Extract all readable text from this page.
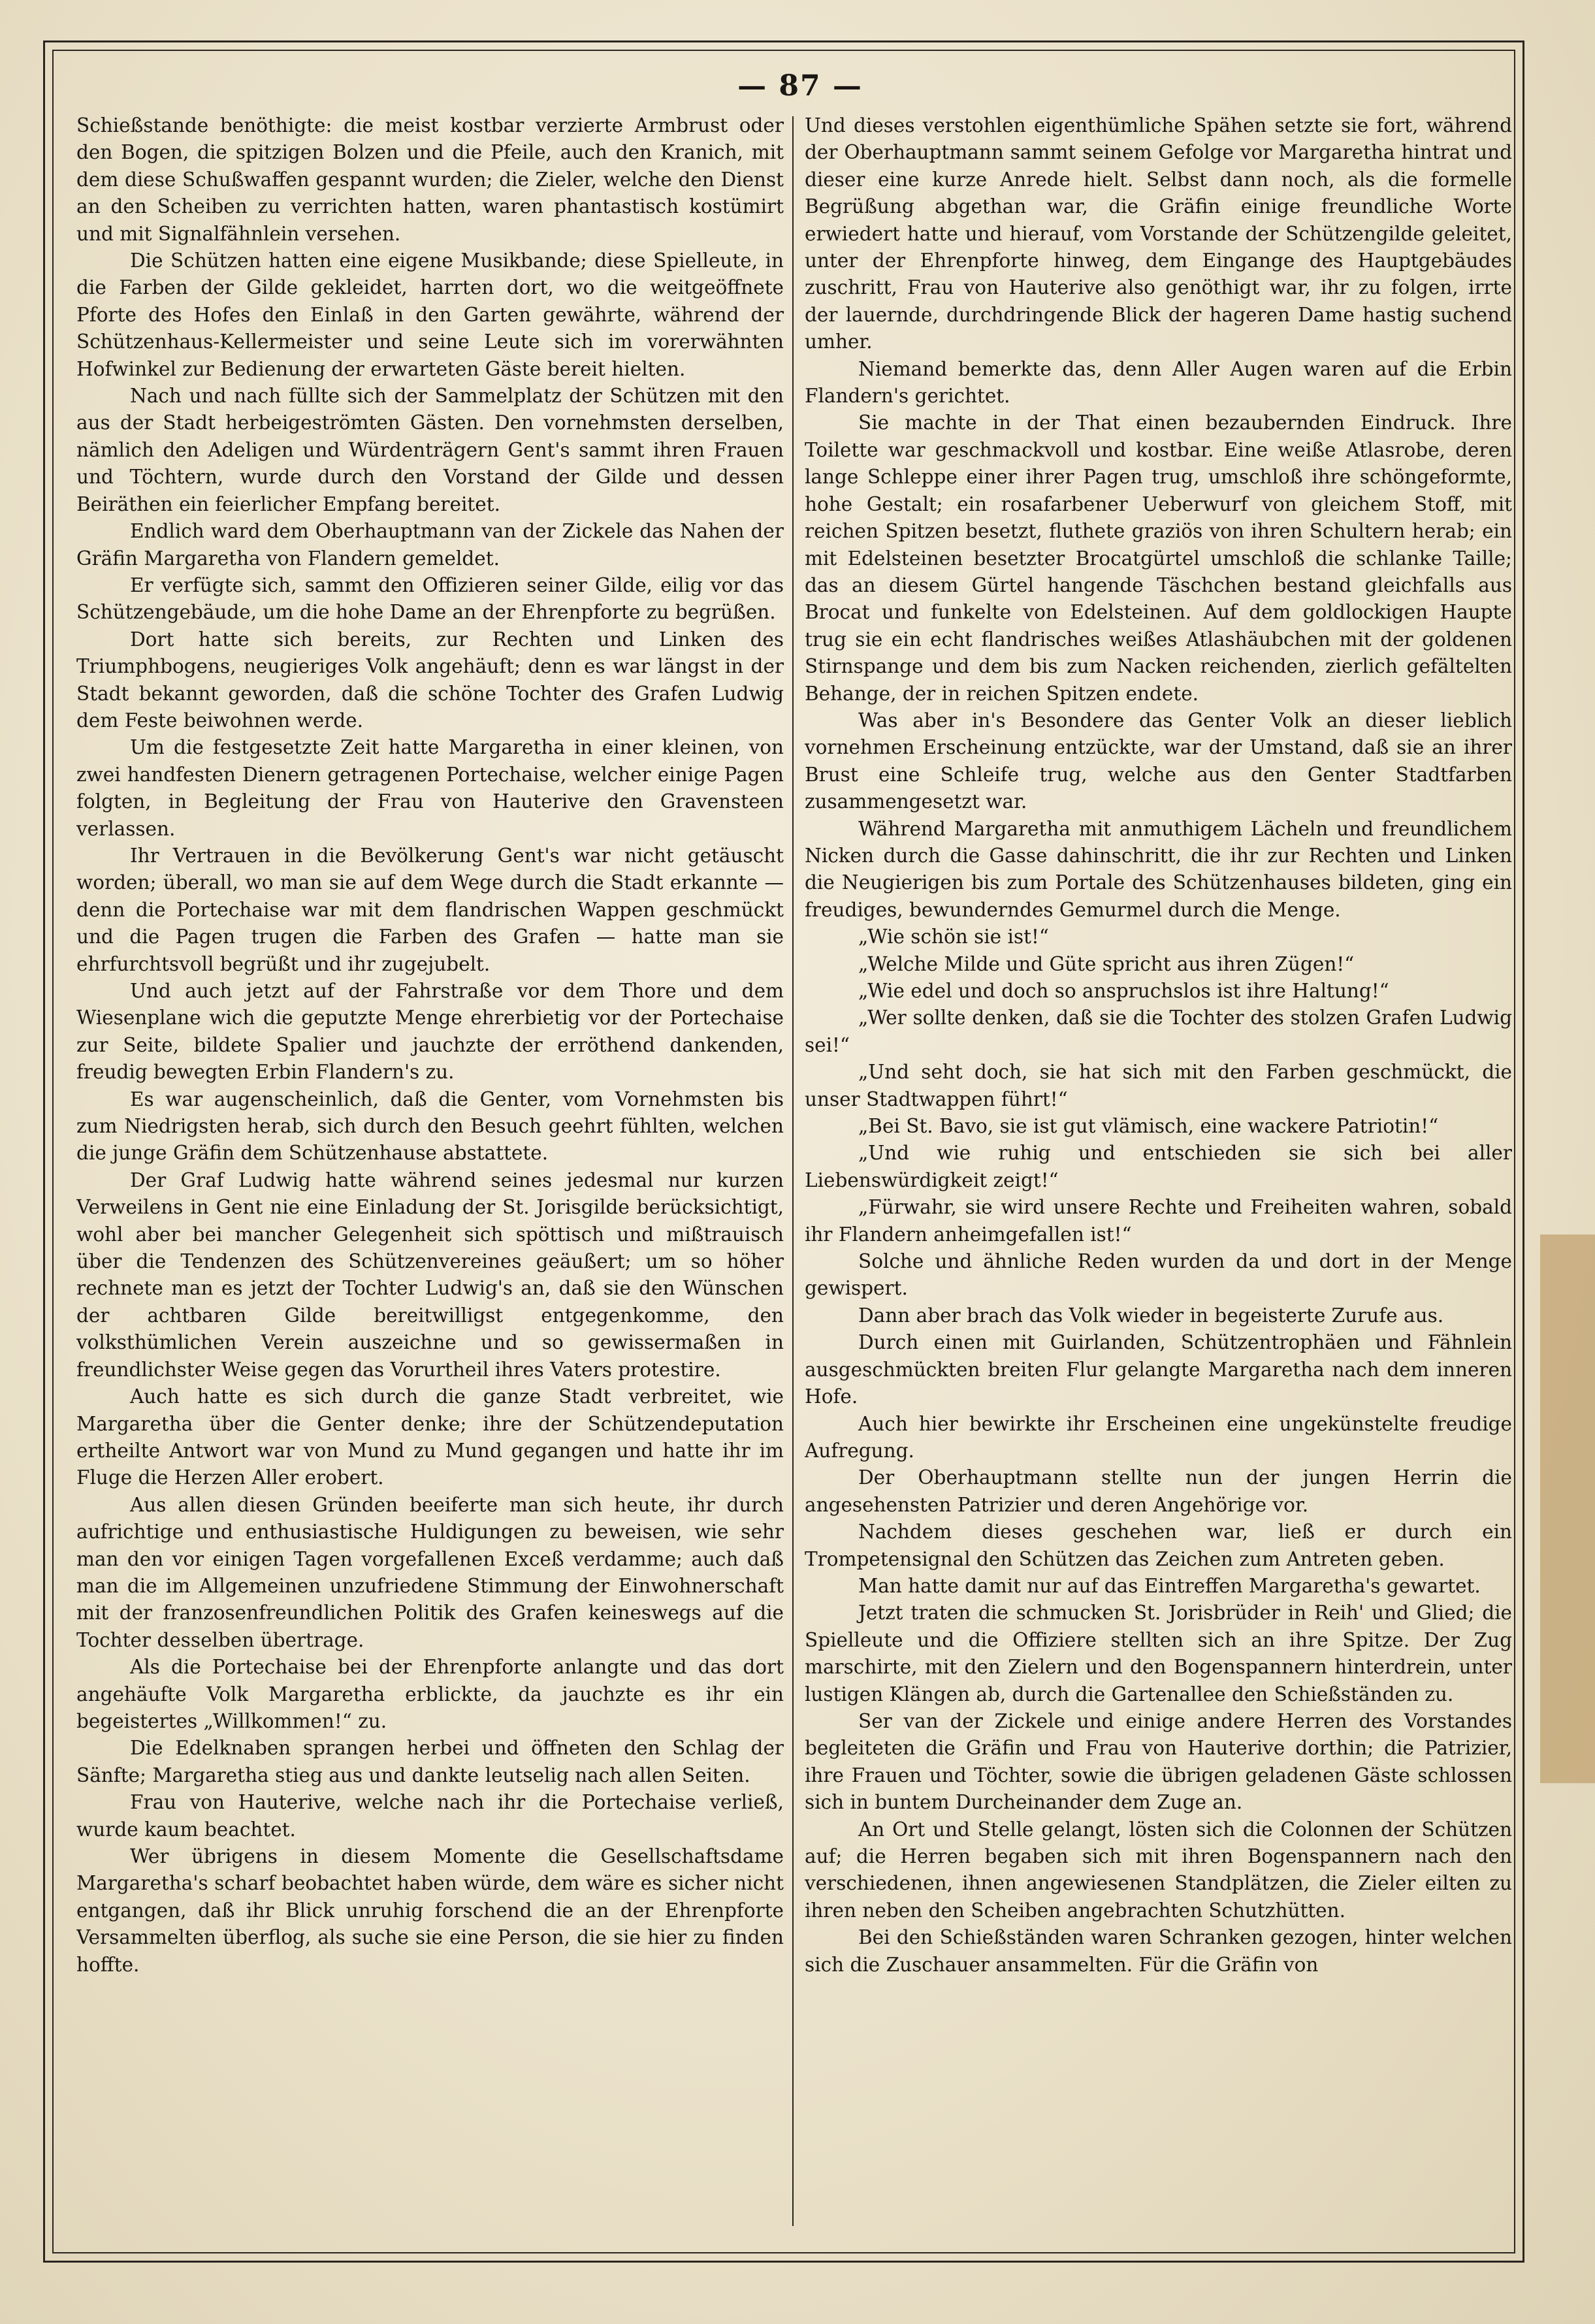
— 87 —

Schießstande benöthigte: die meist kostbar verzierte Armbrust oder den Bogen, die spitzigen Bolzen und die Pfeile, auch den Kranich, mit dem diese Schußwaffen gespannt wurden; die Zieler, welche den Dienst an den Scheiben zu verrichten hatten, waren phantastisch kostümirt und mit Signalfähnlein versehen.

Die Schützen hatten eine eigene Musikbande; diese Spielleute, in die Farben der Gilde gekleidet, harrten dort, wo die weitgeöffnete Pforte des Hofes den Einlaß in den Garten gewährte, während der Schützenhaus-Kellermeister und seine Leute sich im vorerwähnten Hofwinkel zur Bedienung der erwarteten Gäste bereit hielten.

Nach und nach füllte sich der Sammelplatz der Schützen mit den aus der Stadt herbeigeströmten Gästen. Den vornehmsten derselben, nämlich den Adeligen und Würdenträgern Gent's sammt ihren Frauen und Töchtern, wurde durch den Vorstand der Gilde und dessen Beiräthen ein feierlicher Empfang bereitet.

Endlich ward dem Oberhauptmann van der Zickele das Nahen der Gräfin Margaretha von Flandern gemeldet.

Er verfügte sich, sammt den Offizieren seiner Gilde, eilig vor das Schützengebäude, um die hohe Dame an der Ehrenpforte zu begrüßen.

Dort hatte sich bereits, zur Rechten und Linken des Triumphbogens, neugieriges Volk angehäuft; denn es war längst in der Stadt bekannt geworden, daß die schöne Tochter des Grafen Ludwig dem Feste beiwohnen werde.

Um die festgesetzte Zeit hatte Margaretha in einer kleinen, von zwei handfesten Dienern getragenen Portechaise, welcher einige Pagen folgten, in Begleitung der Frau von Hauterive den Gravensteen verlassen.

Ihr Vertrauen in die Bevölkerung Gent's war nicht getäuscht worden; überall, wo man sie auf dem Wege durch die Stadt erkannte — denn die Portechaise war mit dem flandrischen Wappen geschmückt und die Pagen trugen die Farben des Grafen — hatte man sie ehrfurchtsvoll begrüßt und ihr zugejubelt.

Und auch jetzt auf der Fahrstraße vor dem Thore und dem Wiesenplane wich die geputzte Menge ehrerbietig vor der Portechaise zur Seite, bildete Spalier und jauchzte der erröthend dankenden, freudig bewegten Erbin Flandern's zu.

Es war augenscheinlich, daß die Genter, vom Vornehmsten bis zum Niedrigsten herab, sich durch den Besuch geehrt fühlten, welchen die junge Gräfin dem Schützenhause abstattete.

Der Graf Ludwig hatte während seines jedesmal nur kurzen Verweilens in Gent nie eine Einladung der St. Jorisgilde berücksichtigt, wohl aber bei mancher Gelegenheit sich spöttisch und mißtrauisch über die Tendenzen des Schützenvereines geäußert; um so höher rechnete man es jetzt der Tochter Ludwig's an, daß sie den Wünschen der achtbaren Gilde bereitwilligst entgegenkomme, den volksthümlichen Verein auszeichne und so gewissermaßen in freundlichster Weise gegen das Vorurtheil ihres Vaters protestire.

Auch hatte es sich durch die ganze Stadt verbreitet, wie Margaretha über die Genter denke; ihre der Schützendeputation ertheilte Antwort war von Mund zu Mund gegangen und hatte ihr im Fluge die Herzen Aller erobert.

Aus allen diesen Gründen beeiferte man sich heute, ihr durch aufrichtige und enthusiastische Huldigungen zu beweisen, wie sehr man den vor einigen Tagen vorgefallenen Exceß verdamme; auch daß man die im Allgemeinen unzufriedene Stimmung der Einwohnerschaft mit der franzosenfreundlichen Politik des Grafen keineswegs auf die Tochter desselben übertrage.

Als die Portechaise bei der Ehrenpforte anlangte und das dort angehäufte Volk Margaretha erblickte, da jauchzte es ihr ein begeistertes „Willkommen!“ zu.

Die Edelknaben sprangen herbei und öffneten den Schlag der Sänfte; Margaretha stieg aus und dankte leutselig nach allen Seiten.

Frau von Hauterive, welche nach ihr die Portechaise verließ, wurde kaum beachtet.

Wer übrigens in diesem Momente die Gesellschaftsdame Margaretha's scharf beobachtet haben würde, dem wäre es sicher nicht entgangen, daß ihr Blick unruhig forschend die an der Ehrenpforte Versammelten überflog, als suche sie eine Person, die sie hier zu finden hoffte.

Und dieses verstohlen eigenthümliche Spähen setzte sie fort, während der Oberhauptmann sammt seinem Gefolge vor Margaretha hintrat und dieser eine kurze Anrede hielt. Selbst dann noch, als die formelle Begrüßung abgethan war, die Gräfin einige freundliche Worte erwiedert hatte und hierauf, vom Vorstande der Schützengilde geleitet, unter der Ehrenpforte hinweg, dem Eingange des Hauptgebäudes zuschritt, Frau von Hauterive also genöthigt war, ihr zu folgen, irrte der lauernde, durchdringende Blick der hageren Dame hastig suchend umher.

Niemand bemerkte das, denn Aller Augen waren auf die Erbin Flandern's gerichtet.

Sie machte in der That einen bezaubernden Eindruck. Ihre Toilette war geschmackvoll und kostbar. Eine weiße Atlasrobe, deren lange Schleppe einer ihrer Pagen trug, umschloß ihre schöngeformte, hohe Gestalt; ein rosafarbener Ueberwurf von gleichem Stoff, mit reichen Spitzen besetzt, fluthete graziös von ihren Schultern herab; ein mit Edelsteinen besetzter Brocatgürtel umschloß die schlanke Taille; das an diesem Gürtel hangende Täschchen bestand gleichfalls aus Brocat und funkelte von Edelsteinen. Auf dem goldlockigen Haupte trug sie ein echt flandrisches weißes Atlashäubchen mit der goldenen Stirnspange und dem bis zum Nacken reichenden, zierlich gefältelten Behange, der in reichen Spitzen endete.

Was aber in's Besondere das Genter Volk an dieser lieblich vornehmen Erscheinung entzückte, war der Umstand, daß sie an ihrer Brust eine Schleife trug, welche aus den Genter Stadtfarben zusammengesetzt war.

Während Margaretha mit anmuthigem Lächeln und freundlichem Nicken durch die Gasse dahinschritt, die ihr zur Rechten und Linken die Neugierigen bis zum Portale des Schützenhauses bildeten, ging ein freudiges, bewunderndes Gemurmel durch die Menge.

„Wie schön sie ist!“

„Welche Milde und Güte spricht aus ihren Zügen!“

„Wie edel und doch so anspruchslos ist ihre Haltung!“

„Wer sollte denken, daß sie die Tochter des stolzen Grafen Ludwig sei!“

„Und seht doch, sie hat sich mit den Farben geschmückt, die unser Stadtwappen führt!“

„Bei St. Bavo, sie ist gut vlämisch, eine wackere Patriotin!“

„Und wie ruhig und entschieden sie sich bei aller Liebenswürdigkeit zeigt!“

„Fürwahr, sie wird unsere Rechte und Freiheiten wahren, sobald ihr Flandern anheimgefallen ist!“

Solche und ähnliche Reden wurden da und dort in der Menge gewispert.

Dann aber brach das Volk wieder in begeisterte Zurufe aus.

Durch einen mit Guirlanden, Schützentrophäen und Fähnlein ausgeschmückten breiten Flur gelangte Margaretha nach dem inneren Hofe.

Auch hier bewirkte ihr Erscheinen eine ungekünstelte freudige Aufregung.

Der Oberhauptmann stellte nun der jungen Herrin die angesehensten Patrizier und deren Angehörige vor.

Nachdem dieses geschehen war, ließ er durch ein Trompetensignal den Schützen das Zeichen zum Antreten geben.

Man hatte damit nur auf das Eintreffen Margaretha's gewartet.

Jetzt traten die schmucken St. Jorisbrüder in Reih' und Glied; die Spielleute und die Offiziere stellten sich an ihre Spitze. Der Zug marschirte, mit den Zielern und den Bogenspannern hinterdrein, unter lustigen Klängen ab, durch die Gartenallee den Schießständen zu.

Ser van der Zickele und einige andere Herren des Vorstandes begleiteten die Gräfin und Frau von Hauterive dorthin; die Patrizier, ihre Frauen und Töchter, sowie die übrigen geladenen Gäste schlossen sich in buntem Durcheinander dem Zuge an.

An Ort und Stelle gelangt, lösten sich die Colonnen der Schützen auf; die Herren begaben sich mit ihren Bogenspannern nach den verschiedenen, ihnen angewiesenen Standplätzen, die Zieler eilten zu ihren neben den Scheiben angebrachten Schutzhütten.

Bei den Schießständen waren Schranken gezogen, hinter welchen sich die Zuschauer ansammelten. Für die Gräfin von
